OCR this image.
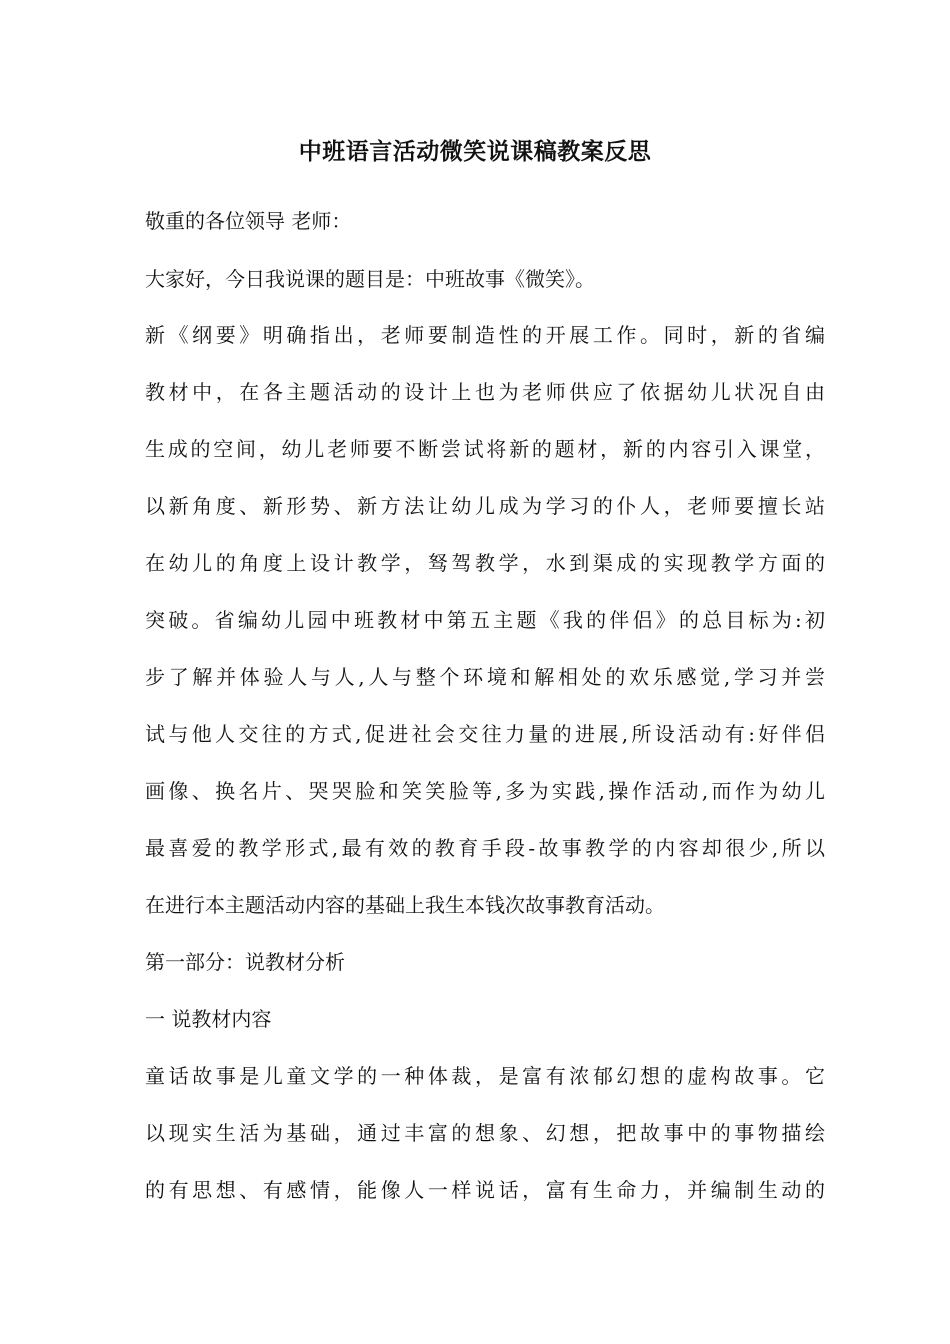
中班语言活动微笑说课稿教案反思
敬重的各位领导 老师：
大家好，今日我说课的题目是：中班故事《微笑》。
新《纲要》明确指出，老师要制造性的开展工作。同时，新的省编
教材中，在各主题活动的设计上也为老师供应了依据幼儿状况自由
生成的空间，幼儿老师要不断尝试将新的题材，新的内容引入课堂，
以新角度、新形势、新方法让幼儿成为学习的仆人，老师要擅长站
在幼儿的角度上设计教学，驽驾教学，水到渠成的实现教学方面的
突破。省编幼儿园中班教材中第五主题《我的伴侣》的总目标为:初
步了解并体验人与人,人与整个环境和解相处的欢乐感觉,学习并尝
试与他人交往的方式,促进社会交往力量的进展,所设活动有:好伴侣
画像、换名片、哭哭脸和笑笑脸等,多为实践,操作活动,而作为幼儿
最喜爱的教学形式,最有效的教育手段-故事教学的内容却很少,所以
在进行本主题活动内容的基础上我生本钱次故事教育活动。
第一部分：说教材分析
一 说教材内容
童话故事是儿童文学的一种体裁，是富有浓郁幻想的虚构故事。它
以现实生活为基础，通过丰富的想象、幻想，把故事中的事物描绘
的有思想、有感情，能像人一样说话，富有生命力，并编制生动的
